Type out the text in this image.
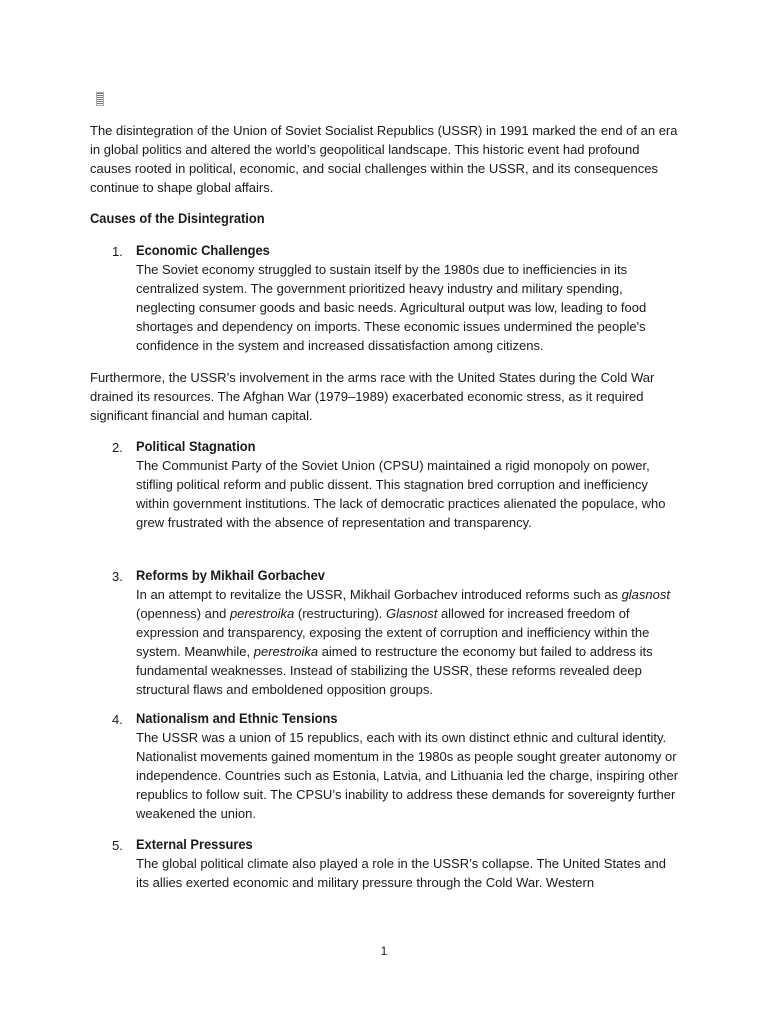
The disintegration of the Union of Soviet Socialist Republics (USSR) in 1991 marked the end of an era in global politics and altered the world’s geopolitical landscape. This historic event had profound causes rooted in political, economic, and social challenges within the USSR, and its consequences continue to shape global affairs.

Causes of the Disintegration
1. Economic Challenges

The Soviet economy struggled to sustain itself by the 1980s due to inefficiencies in its centralized system. The government prioritized heavy industry and military spending, neglecting consumer goods and basic needs. Agricultural output was low, leading to food shortages and dependency on imports. These economic issues undermined the people's confidence in the system and increased dissatisfaction among citizens.

Furthermore, the USSR’s involvement in the arms race with the United States during the Cold War drained its resources. The Afghan War (1979–1989) exacerbated economic stress, as it required significant financial and human capital.

2. Political Stagnation

The Communist Party of the Soviet Union (CPSU) maintained a rigid monopoly on power, stifling political reform and public dissent. This stagnation bred corruption and inefficiency within government institutions. The lack of democratic practices alienated the populace, who grew frustrated with the absence of representation and transparency.

3. Reforms by Mikhail Gorbachev

In an attempt to revitalize the USSR, Mikhail Gorbachev introduced reforms such as glasnost (openness) and perestroika (restructuring). Glasnost allowed for increased freedom of expression and transparency, exposing the extent of corruption and inefficiency within the system. Meanwhile, perestroika aimed to restructure the economy but failed to address its fundamental weaknesses. Instead of stabilizing the USSR, these reforms revealed deep structural flaws and emboldened opposition groups.

4. Nationalism and Ethnic Tensions

The USSR was a union of 15 republics, each with its own distinct ethnic and cultural identity. Nationalist movements gained momentum in the 1980s as people sought greater autonomy or independence. Countries such as Estonia, Latvia, and Lithuania led the charge, inspiring other republics to follow suit. The CPSU’s inability to address these demands for sovereignty further weakened the union.

5. External Pressures

The global political climate also played a role in the USSR’s collapse. The United States and its allies exerted economic and military pressure through the Cold War. Western

1
